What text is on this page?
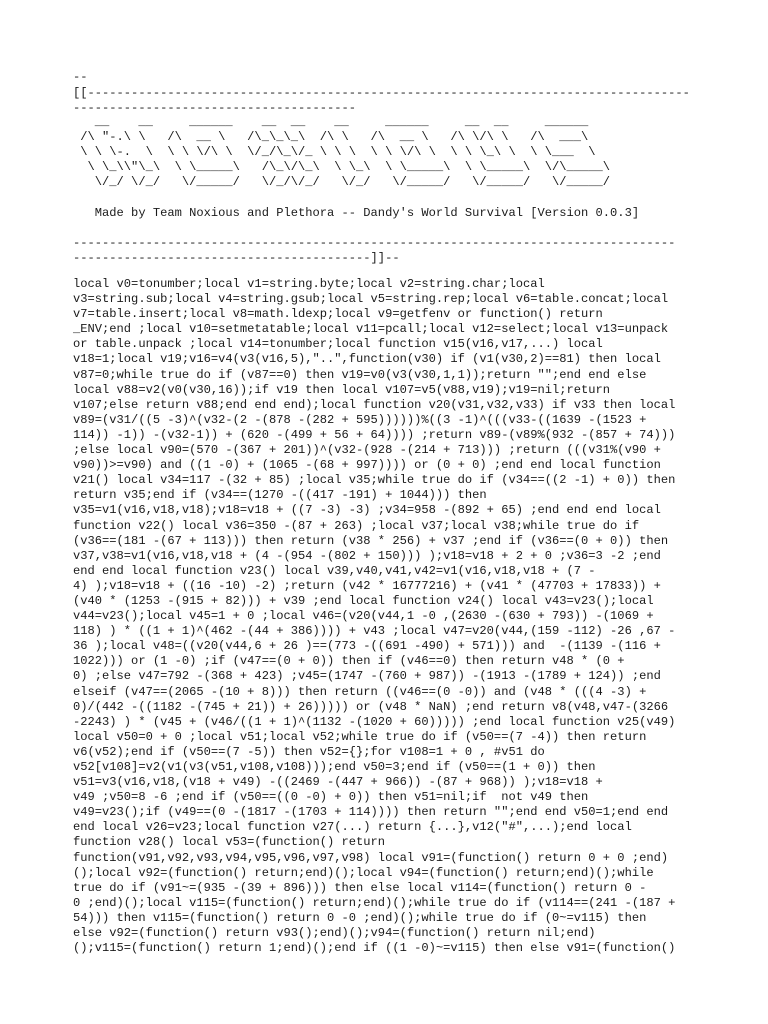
--
[[-----------------------------------------------------------------------------------
---------------------------------------
__    __     ______    __  __    __     ______     __  __     ______
/\ "-.\ \   /\  __ \   /\_\_\_\  /\ \   /\  __ \   /\ \/\ \   /\  ___\
\ \ \-.  \  \ \ \/\ \  \/_/\_\/_ \ \ \  \ \ \/\ \  \ \ \_\ \  \ \___  \
\ \_\\"\_\  \ \_____\   /\_\/\_\  \ \_\  \ \_____\  \ \_____\  \/\_____\
\/_/ \/_/   \/_____/   \/_/\/_/   \/_/   \/_____/   \/_____/   \/_____/
Made by Team Noxious and Plethora -- Dandy's World Survival [Version 0.0.3]
-----------------------------------------------------------------------------------
-----------------------------------------]]--
local v0=tonumber;local v1=string.byte;local v2=string.char;local
v3=string.sub;local v4=string.gsub;local v5=string.rep;local v6=table.concat;local
v7=table.insert;local v8=math.ldexp;local v9=getfenv or function() return
_ENV;end ;local v10=setmetatable;local v11=pcall;local v12=select;local v13=unpack
or table.unpack ;local v14=tonumber;local function v15(v16,v17,...) local
v18=1;local v19;v16=v4(v3(v16,5),"..",function(v30) if (v1(v30,2)==81) then local
v87=0;while true do if (v87==0) then v19=v0(v3(v30,1,1));return "";end end else
local v88=v2(v0(v30,16));if v19 then local v107=v5(v88,v19);v19=nil;return
v107;else return v88;end end end);local function v20(v31,v32,v33) if v33 then local
v89=(v31/((5 -3)^(v32-(2 -(878 -(282 + 595))))))%((3 -1)^(((v33-((1639 -(1523 +
114)) -1)) -(v32-1)) + (620 -(499 + 56 + 64)))) ;return v89-(v89%(932 -(857 + 74)))
;else local v90=(570 -(367 + 201))^(v32-(928 -(214 + 713))) ;return (((v31%(v90 +
v90))>=v90) and ((1 -0) + (1065 -(68 + 997)))) or (0 + 0) ;end end local function
v21() local v34=117 -(32 + 85) ;local v35;while true do if (v34==((2 -1) + 0)) then
return v35;end if (v34==(1270 -((417 -191) + 1044))) then
v35=v1(v16,v18,v18);v18=v18 + ((7 -3) -3) ;v34=958 -(892 + 65) ;end end end local
function v22() local v36=350 -(87 + 263) ;local v37;local v38;while true do if
(v36==(181 -(67 + 113))) then return (v38 * 256) + v37 ;end if (v36==(0 + 0)) then
v37,v38=v1(v16,v18,v18 + (4 -(954 -(802 + 150))) );v18=v18 + 2 + 0 ;v36=3 -2 ;end
end end local function v23() local v39,v40,v41,v42=v1(v16,v18,v18 + (7 -
4) );v18=v18 + ((16 -10) -2) ;return (v42 * 16777216) + (v41 * (47703 + 17833)) +
(v40 * (1253 -(915 + 82))) + v39 ;end local function v24() local v43=v23();local
v44=v23();local v45=1 + 0 ;local v46=(v20(v44,1 -0 ,(2630 -(630 + 793)) -(1069 +
118) ) * ((1 + 1)^(462 -(44 + 386)))) + v43 ;local v47=v20(v44,(159 -112) -26 ,67 -
36 );local v48=((v20(v44,6 + 26 )==(773 -((691 -490) + 571))) and  -(1139 -(116 +
1022))) or (1 -0) ;if (v47==(0 + 0)) then if (v46==0) then return v48 * (0 +
0) ;else v47=792 -(368 + 423) ;v45=(1747 -(760 + 987)) -(1913 -(1789 + 124)) ;end
elseif (v47==(2065 -(10 + 8))) then return ((v46==(0 -0)) and (v48 * (((4 -3) +
0)/(442 -((1182 -(745 + 21)) + 26))))) or (v48 * NaN) ;end return v8(v48,v47-(3266
-2243) ) * (v45 + (v46/((1 + 1)^(1132 -(1020 + 60))))) ;end local function v25(v49)
local v50=0 + 0 ;local v51;local v52;while true do if (v50==(7 -4)) then return
v6(v52);end if (v50==(7 -5)) then v52={};for v108=1 + 0 , #v51 do
v52[v108]=v2(v1(v3(v51,v108,v108)));end v50=3;end if (v50==(1 + 0)) then
v51=v3(v16,v18,(v18 + v49) -((2469 -(447 + 966)) -(87 + 968)) );v18=v18 +
v49 ;v50=8 -6 ;end if (v50==((0 -0) + 0)) then v51=nil;if  not v49 then
v49=v23();if (v49==(0 -(1817 -(1703 + 114)))) then return "";end end v50=1;end end
end local v26=v23;local function v27(...) return {...},v12("#",...);end local
function v28() local v53=(function() return
function(v91,v92,v93,v94,v95,v96,v97,v98) local v91=(function() return 0 + 0 ;end)
();local v92=(function() return;end)();local v94=(function() return;end)();while
true do if (v91~=(935 -(39 + 896))) then else local v114=(function() return 0 -
0 ;end)();local v115=(function() return;end)();while true do if (v114==(241 -(187 +
54))) then v115=(function() return 0 -0 ;end)();while true do if (0~=v115) then
else v92=(function() return v93();end)();v94=(function() return nil;end)
();v115=(function() return 1;end)();end if ((1 -0)~=v115) then else v91=(function()
